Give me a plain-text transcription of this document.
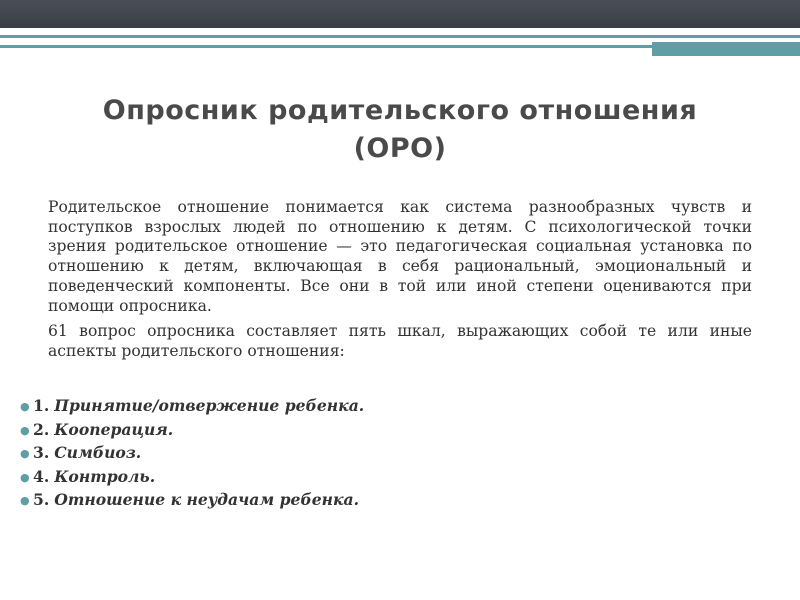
Опросник родительского отношения
(ОРО)

Родительское отношение понимается как система разнообразных чувств и поступков взрослых людей по отношению к детям. С психологической точки зрения родительское отношение — это педагогическая социальная установка по отношению к детям, включающая в себя рациональный, эмоциональный и поведенческий компоненты. Все они в той или иной степени оцениваются при помощи опросника.

61 вопрос опросника составляет пять шкал, выражающих собой те или иные аспекты родительского отношения:

● 1. Принятие/отвержение ребенка.
● 2. Кооперация.
● 3. Симбиоз.
● 4. Контроль.
● 5. Отношение к неудачам ребенка.
